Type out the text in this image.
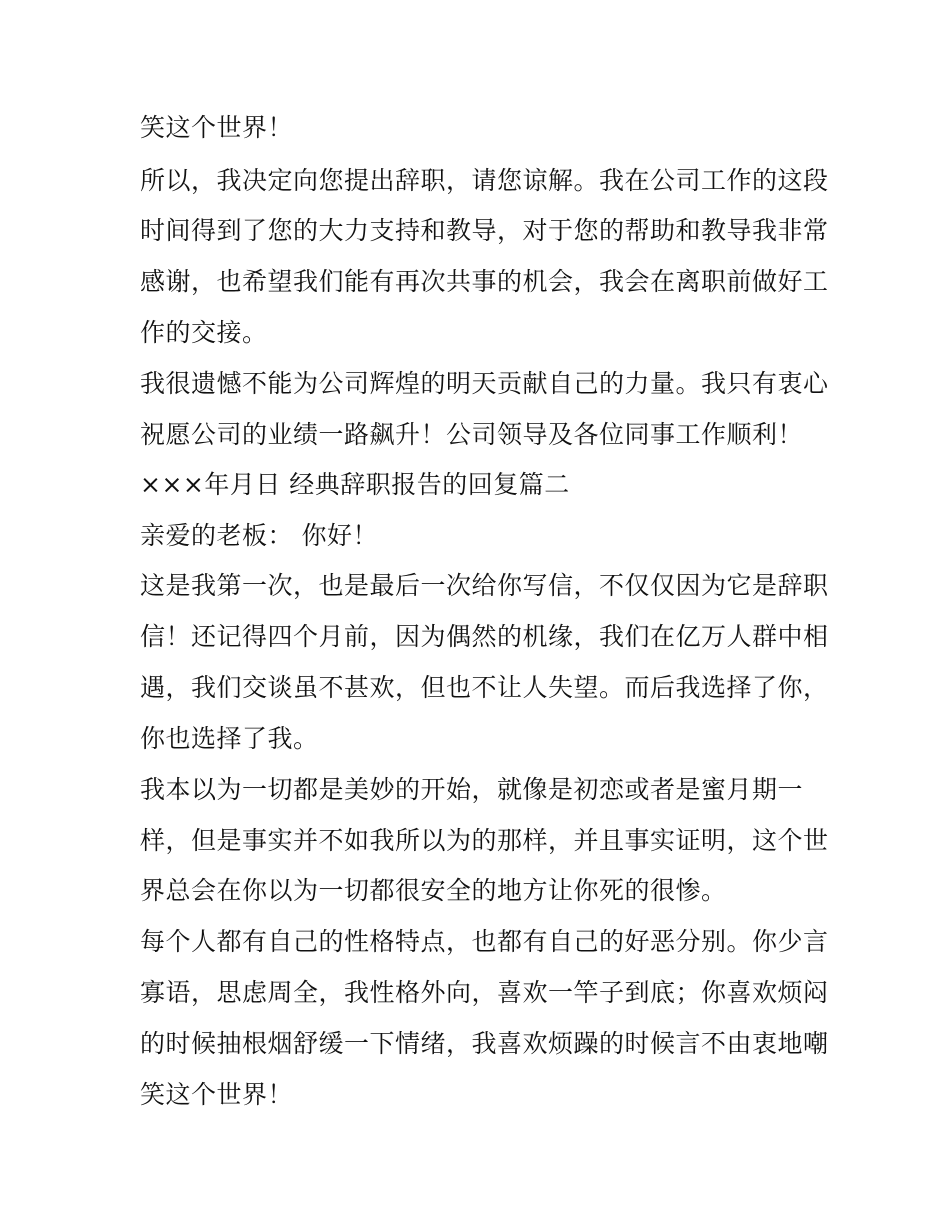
笑这个世界！
所以，我决定向您提出辞职，请您谅解。我在公司工作的这段
时间得到了您的大力支持和教导，对于您的帮助和教导我非常
感谢，也希望我们能有再次共事的机会，我会在离职前做好工
作的交接。
我很遗憾不能为公司辉煌的明天贡献自己的力量。我只有衷心
祝愿公司的业绩一路飙升！公司领导及各位同事工作顺利！
×××年月日 经典辞职报告的回复篇二
亲爱的老板： 你好！
这是我第一次，也是最后一次给你写信，不仅仅因为它是辞职
信！还记得四个月前，因为偶然的机缘，我们在亿万人群中相
遇，我们交谈虽不甚欢，但也不让人失望。而后我选择了你，
你也选择了我。
我本以为一切都是美妙的开始，就像是初恋或者是蜜月期一
样，但是事实并不如我所以为的那样，并且事实证明，这个世
界总会在你以为一切都很安全的地方让你死的很惨。
每个人都有自己的性格特点，也都有自己的好恶分别。你少言
寡语，思虑周全，我性格外向，喜欢一竿子到底；你喜欢烦闷
的时候抽根烟舒缓一下情绪，我喜欢烦躁的时候言不由衷地嘲
笑这个世界！
